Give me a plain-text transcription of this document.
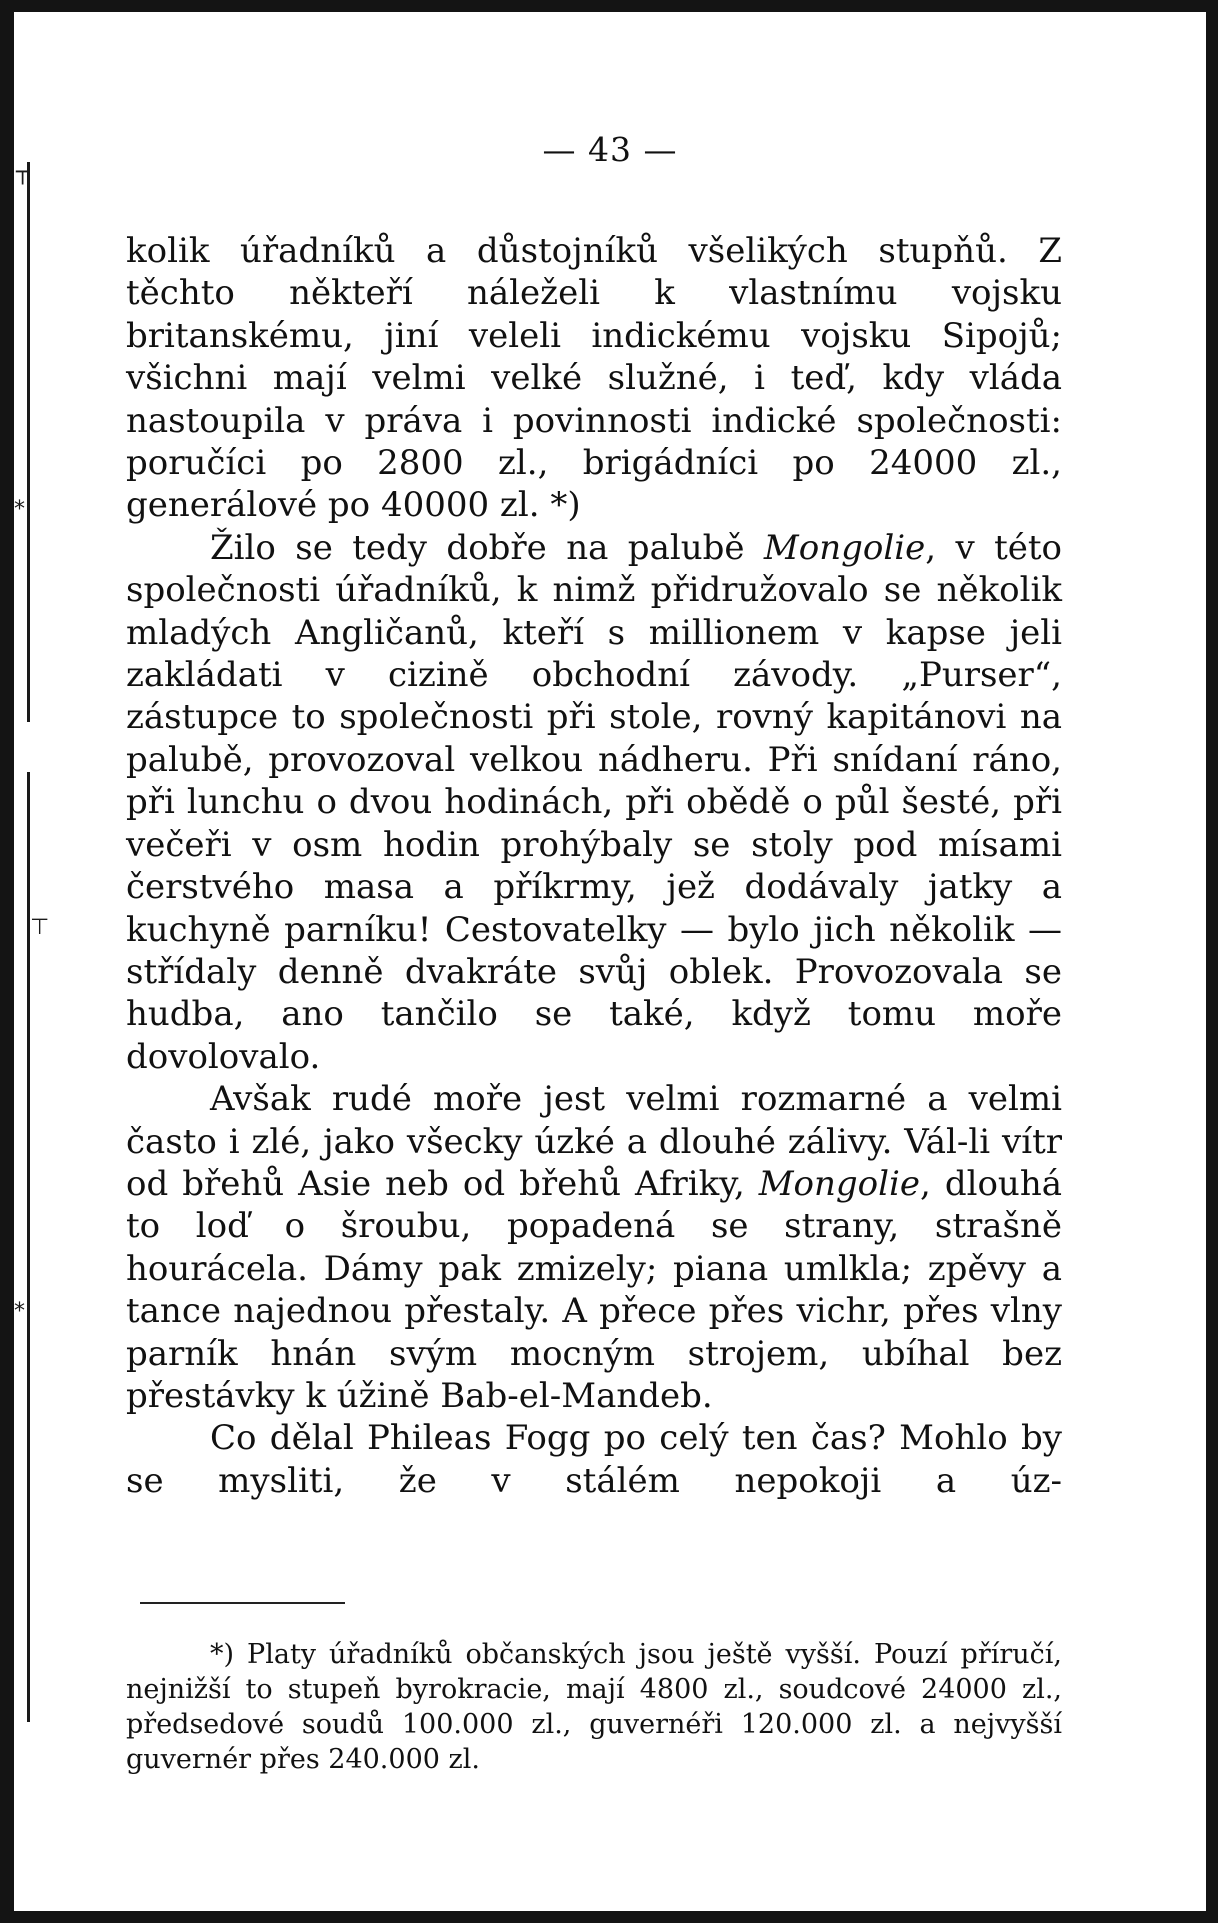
┬
⁎
⊤
⁎
— 43 —

kolik úřadníků a důstojníků všelikých stupňů. Z těchto někteří náleželi k vlastnímu vojsku britanskému, jiní veleli indickému vojsku Sipojů; všichni mají velmi velké služné, i teď, kdy vláda nastoupila v práva i povinnosti indické společnosti: poručíci po 2800 zl., brigádníci po 24000 zl., generálové po 40000 zl. *)

Žilo se tedy dobře na palubě Mongolie, v této společnosti úřadníků, k nimž přidružovalo se několik mladých Angličanů, kteří s millionem v kapse jeli zakládati v cizině obchodní závody. „Purser“, zástupce to společnosti při stole, rovný kapitánovi na palubě, provozoval velkou nádheru. Při snídaní ráno, při lunchu o dvou hodinách, při obědě o půl šesté, při večeři v osm hodin prohýbaly se stoly pod mísami čerstvého masa a příkrmy, jež dodávaly jatky a kuchyně parníku! Cestovatelky — bylo jich několik — střídaly denně dvakráte svůj oblek. Provozovala se hudba, ano tančilo se také, když tomu moře dovolovalo.

Avšak rudé moře jest velmi rozmarné a velmi často i zlé, jako všecky úzké a dlouhé zálivy. Vál-li vítr od břehů Asie neb od břehů Afriky, Mongolie, dlouhá to loď o šroubu, popadená se strany, strašně hourácela. Dámy pak zmizely; piana umlkla; zpěvy a tance najednou přestaly. A přece přes vichr, přes vlny parník hnán svým mocným strojem, ubíhal bez přestávky k úžině Bab-el-Mandeb.

Co dělal Phileas Fogg po celý ten čas? Mohlo by se mysliti, že v stálém nepokoji a úz-

*) Platy úřadníků občanských jsou ještě vyšší. Pouzí příručí, nejnižší to stupeň byrokracie, mají 4800 zl., soudcové 24000 zl., předsedové soudů 100.000 zl., guvernéři 120.000 zl. a nejvyšší guvernér přes 240.000 zl.
